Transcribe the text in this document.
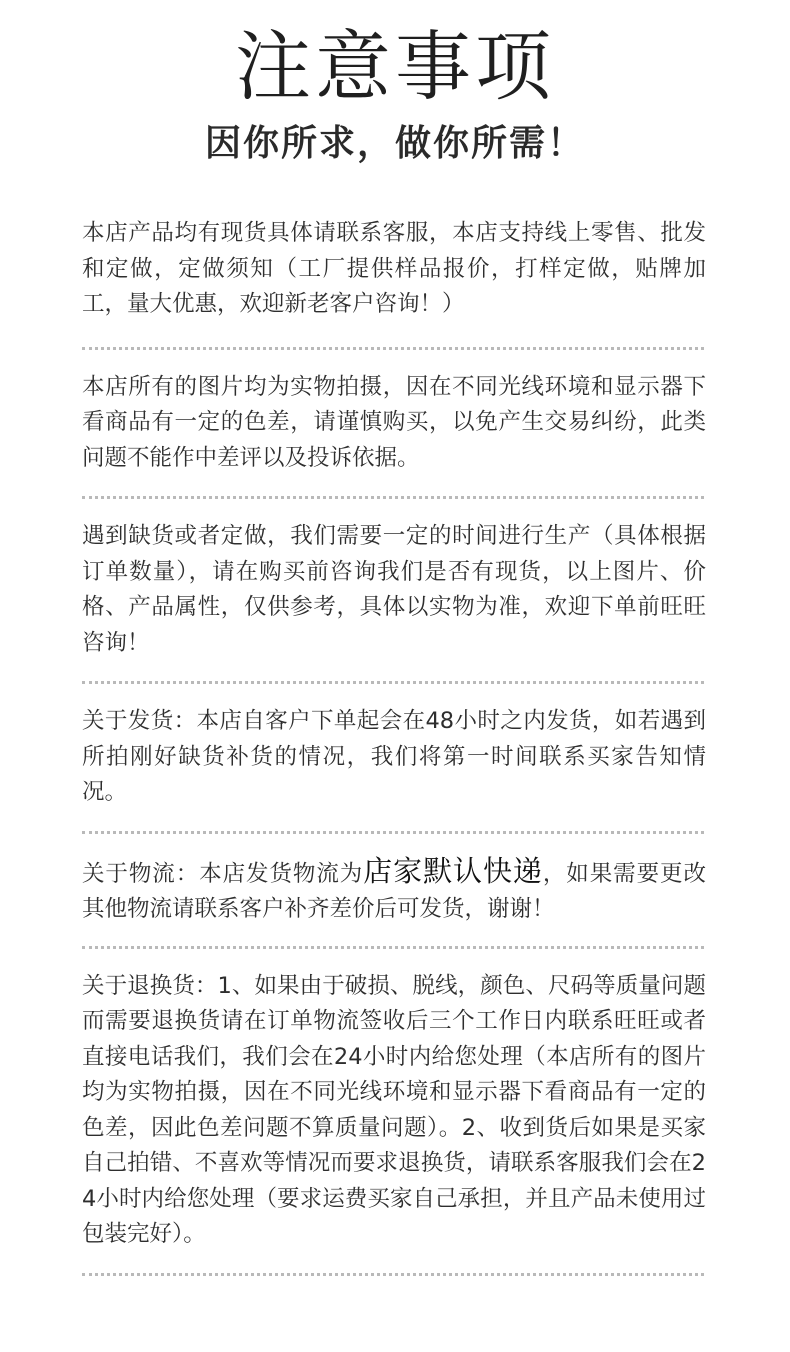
注意事项
因你所求，做你所需！

本店产品均有现货具体请联系客服，本店支持线上零售、批发和定做，定做须知（工厂提供样品报价，打样定做，贴牌加工，量大优惠，欢迎新老客户咨询！）

本店所有的图片均为实物拍摄，因在不同光线环境和显示器下看商品有一定的色差，请谨慎购买，以免产生交易纠纷，此类问题不能作中差评以及投诉依据。

遇到缺货或者定做，我们需要一定的时间进行生产（具体根据订单数量），请在购买前咨询我们是否有现货，以上图片、价格、产品属性，仅供参考，具体以实物为准，欢迎下单前旺旺咨询！

关于发货：本店自客户下单起会在48小时之内发货，如若遇到所拍刚好缺货补货的情况，我们将第一时间联系买家告知情况。

关于物流：本店发货物流为店家默认快递，如果需要更改其他物流请联系客户补齐差价后可发货，谢谢！

关于退换货：1、如果由于破损、脱线，颜色、尺码等质量问题而需要退换货请在订单物流签收后三个工作日内联系旺旺或者直接电话我们，我们会在24小时内给您处理（本店所有的图片均为实物拍摄，因在不同光线环境和显示器下看商品有一定的色差，因此色差问题不算质量问题）。2、收到货后如果是买家自己拍错、不喜欢等情况而要求退换货，请联系客服我们会在24小时内给您处理（要求运费买家自己承担，并且产品未使用过包装完好）。
